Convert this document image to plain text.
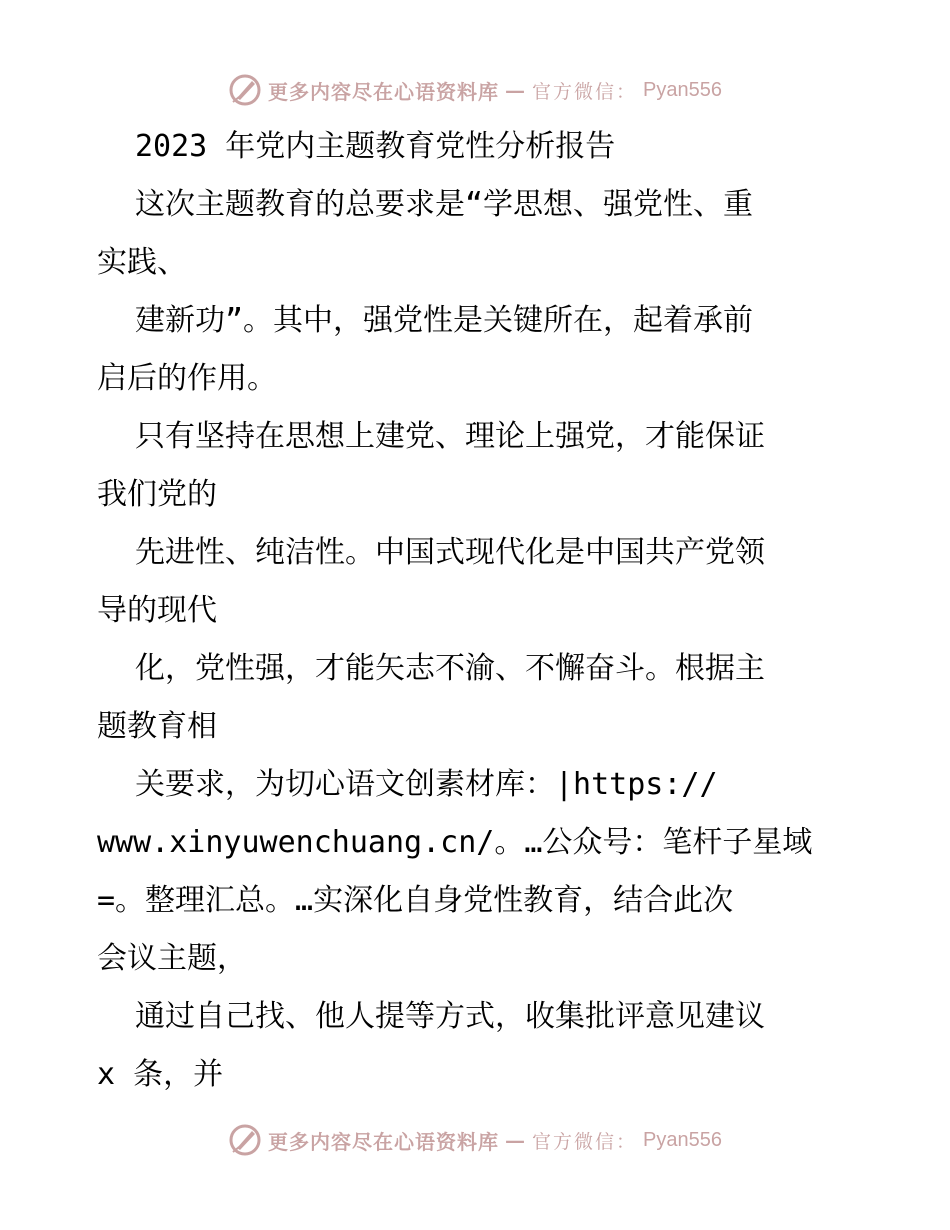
更多内容尽在心语资料库 — 官方微信： Pyan556
2023 年党内主题教育党性分析报告
这次主题教育的总要求是“学思想、强党性、重
实践、
建新功”。其中，强党性是关键所在，起着承前
启后的作用。
只有坚持在思想上建党、理论上强党，才能保证
我们党的
先进性、纯洁性。中国式现代化是中国共产党领
导的现代
化，党性强，才能矢志不渝、不懈奋斗。根据主
题教育相
关要求，为切心语文创素材库：|https://
www.xinyuwenchuang.cn/。…公众号：笔杆子星域
=。整理汇总。…实深化自身党性教育，结合此次
会议主题，
通过自己找、他人提等方式，收集批评意见建议
x 条，并
更多内容尽在心语资料库 — 官方微信： Pyan556
